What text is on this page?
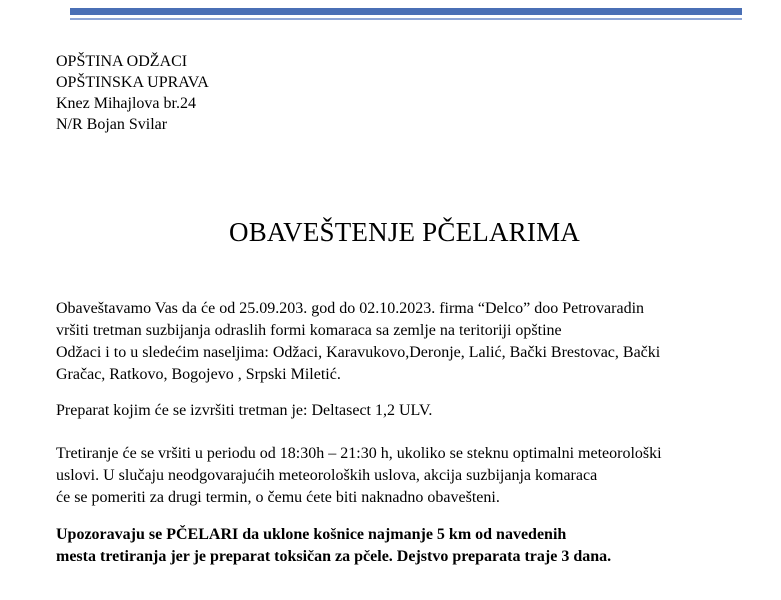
OPŠTINA ODŽACI
OPŠTINSKA UPRAVA
Knez Mihajlova br.24
N/R Bojan Svilar
OBAVEŠTENJE PČELARIMA
Obaveštavamo Vas da će od 25.09.203. god do 02.10.2023. firma “Delco” doo Petrovaradin
vršiti tretman suzbijanja odraslih formi komaraca sa zemlje na teritoriji opštine
Odžaci i to u sledećim naseljima: Odžaci, Karavukovo,Deronje, Lalić, Bački Brestovac, Bački
Gračac, Ratkovo, Bogojevo , Srpski Miletić.
Preparat kojim će se izvršiti tretman je: Deltasect 1,2 ULV.
Tretiranje će se vršiti u periodu od 18:30h – 21:30 h, ukoliko se steknu optimalni meteorološki
uslovi. U slučaju neodgovarajućih meteoroloških uslova, akcija suzbijanja komaraca
će se pomeriti za drugi termin, o čemu ćete biti naknadno obavešteni.
Upozoravaju se PČELARI da uklone košnice najmanje 5 km od navedenih
mesta tretiranja jer je preparat toksičan za pčele. Dejstvo preparata traje 3 dana.
